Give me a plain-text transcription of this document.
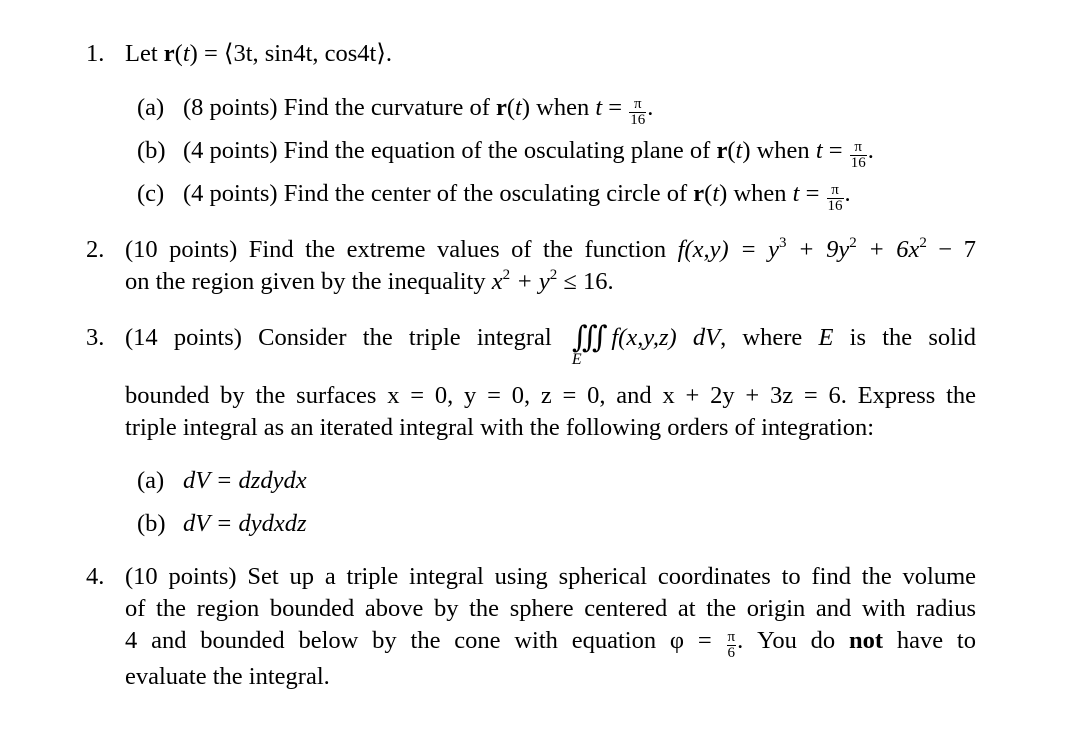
1. Let r(t) = ⟨3t, sin4t, cos4t⟩.
(a) (8 points) Find the curvature of r(t) when $t = \frac{\pi}{16}$ .
(b) (4 points) Find the equation of the osculating plane of r(t) when $t = \frac{\pi}{16}$ .
(c) (4 points) Find the center of the osculating circle of r(t) when $t = \frac{\pi}{16}$ .
2. (10 points) Find the extreme values of the function $f(x,y) = y^3 + 9y^2 + 6x^2 - 7$
on the region given by the inequality $x^2 + y^2 \le 16$.
3. (14 points) Consider the triple integral ∭
E
f(x,y,z) dV, where E is the solid
bounded by the surfaces x = 0, y = 0, z = 0, and x + 2y + 3z = 6. Express the
triple integral as an iterated integral with the following orders of integration:
(a) dV = dzdydx
(b) dV = dydxdz
4. (10 points) Set up a triple integral using spherical coordinates to find the volume
of the region bounded above by the sphere centered at the origin and with radius
4 and bounded below by the cone with equation $\varphi = \frac{\pi}{6}$ . You do not have to
evaluate the integral.
